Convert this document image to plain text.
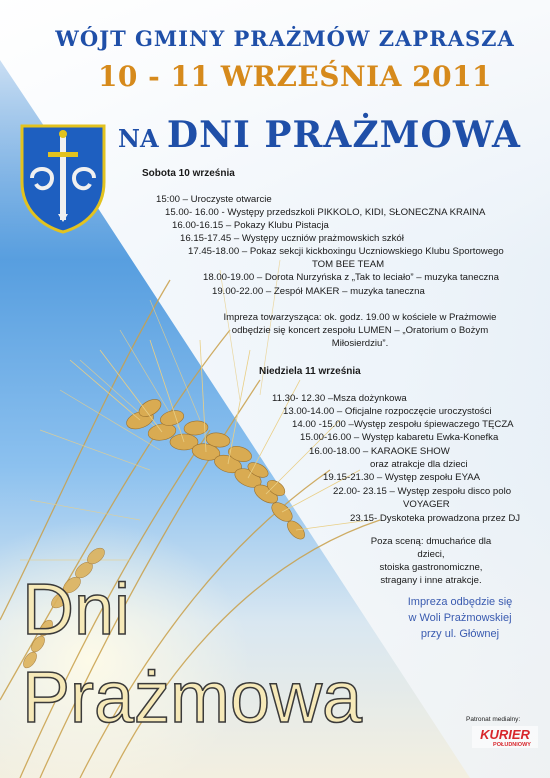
WÓJT GMINY PRAŻMÓW ZAPRASZA
10 - 11 WRZEŚNIA 2011
NA DNI PRAŻMOWA
Sobota 10 września
15:00 – Uroczyste otwarcie
15.00- 16.00 - Występy przedszkoli PIKKOLO, KIDI, SŁONECZNA KRAINA
16.00-16.15 – Pokazy Klubu Pistacja
16.15-17.45 – Występy uczniów prażmowskich szkół
17.45-18.00 – Pokaz sekcji kickboxingu Uczniowskiego Klubu Sportowego
TOM BEE TEAM
18.00-19.00 – Dorota Nurzyńska z „Tak to leciało” – muzyka taneczna
19.00-22.00 – Zespół MAKER – muzyka taneczna
Impreza towarzysząca: ok. godz. 19.00 w kościele w Prażmowie
odbędzie się koncert zespołu LUMEN – „Oratorium o Bożym
Miłosierdziu”.
Niedziela 11 września
11.30- 12.30 –Msza dożynkowa
13.00-14.00 – Oficjalne rozpoczęcie uroczystości
14.00 -15.00 –Występ zespołu śpiewaczego TĘCZA
15.00-16.00 – Występ kabaretu Ewka-Konefka
16.00-18.00 – KARAOKE SHOW
oraz atrakcje dla dzieci
19.15-21.30 – Występ zespołu EYAA
22.00- 23.15 – Występ zespołu disco polo
VOYAGER
23.15- Dyskoteka prowadzona przez DJ
Poza sceną: dmuchańce dla dzieci,
stoiska gastronomiczne,
stragany i inne atrakcje.
Impreza odbędzie się
w Woli Prażmowskiej
przy ul. Głównej
Dni
Prażmowa	Patronat medialny:
KURIER
POŁUDNIOWY
